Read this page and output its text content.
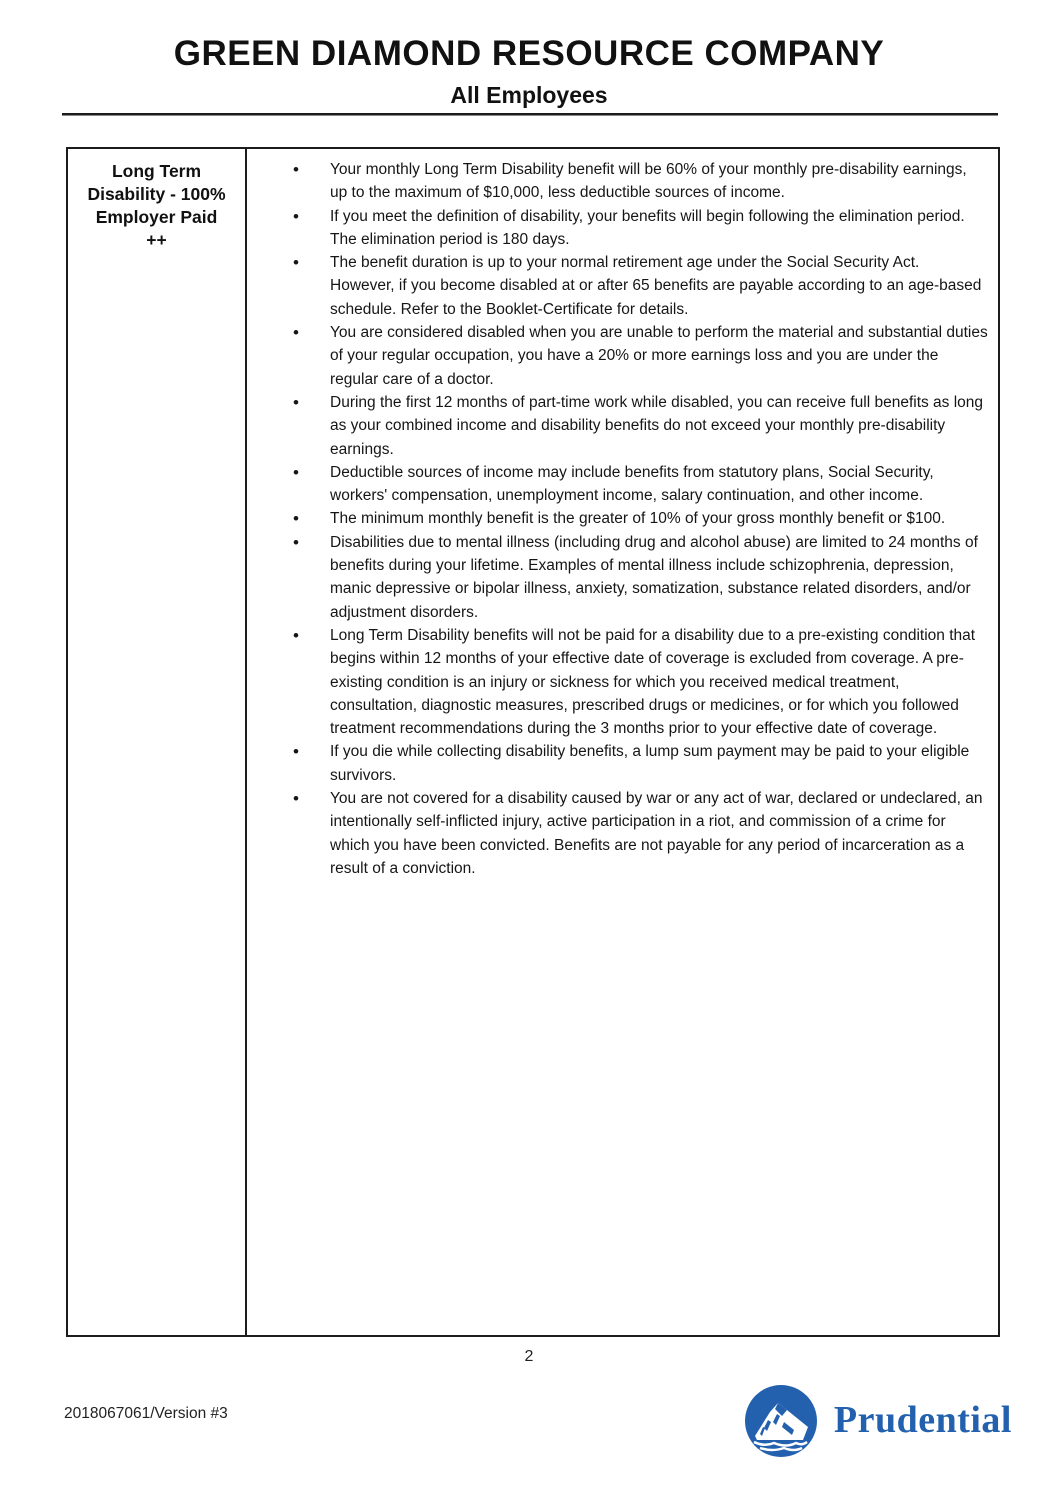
GREEN DIAMOND RESOURCE COMPANY
All Employees
Long Term
Disability - 100%
Employer Paid
++
• Your monthly Long Term Disability benefit will be 60% of your monthly pre-disability earnings, up to the maximum of $10,000, less deductible sources of income.
• If you meet the definition of disability, your benefits will begin following the elimination period. The elimination period is 180 days.
• The benefit duration is up to your normal retirement age under the Social Security Act. However, if you become disabled at or after 65 benefits are payable according to an age-based schedule. Refer to the Booklet-Certificate for details.
• You are considered disabled when you are unable to perform the material and substantial duties of your regular occupation, you have a 20% or more earnings loss and you are under the regular care of a doctor.
• During the first 12 months of part-time work while disabled, you can receive full benefits as long as your combined income and disability benefits do not exceed your monthly pre-disability earnings.
• Deductible sources of income may include benefits from statutory plans, Social Security, workers' compensation, unemployment income, salary continuation, and other income.
• The minimum monthly benefit is the greater of 10% of your gross monthly benefit or $100.
• Disabilities due to mental illness (including drug and alcohol abuse) are limited to 24 months of benefits during your lifetime. Examples of mental illness include schizophrenia, depression, manic depressive or bipolar illness, anxiety, somatization, substance related disorders, and/or adjustment disorders.
• Long Term Disability benefits will not be paid for a disability due to a pre-existing condition that begins within 12 months of your effective date of coverage is excluded from coverage. A pre-existing condition is an injury or sickness for which you received medical treatment, consultation, diagnostic measures, prescribed drugs or medicines, or for which you followed treatment recommendations during the 3 months prior to your effective date of coverage.
• If you die while collecting disability benefits, a lump sum payment may be paid to your eligible survivors.
• You are not covered for a disability caused by war or any act of war, declared or undeclared, an intentionally self-inflicted injury, active participation in a riot, and commission of a crime for which you have been convicted. Benefits are not payable for any period of incarceration as a result of a conviction.
2
2018067061/Version #3	Prudential
